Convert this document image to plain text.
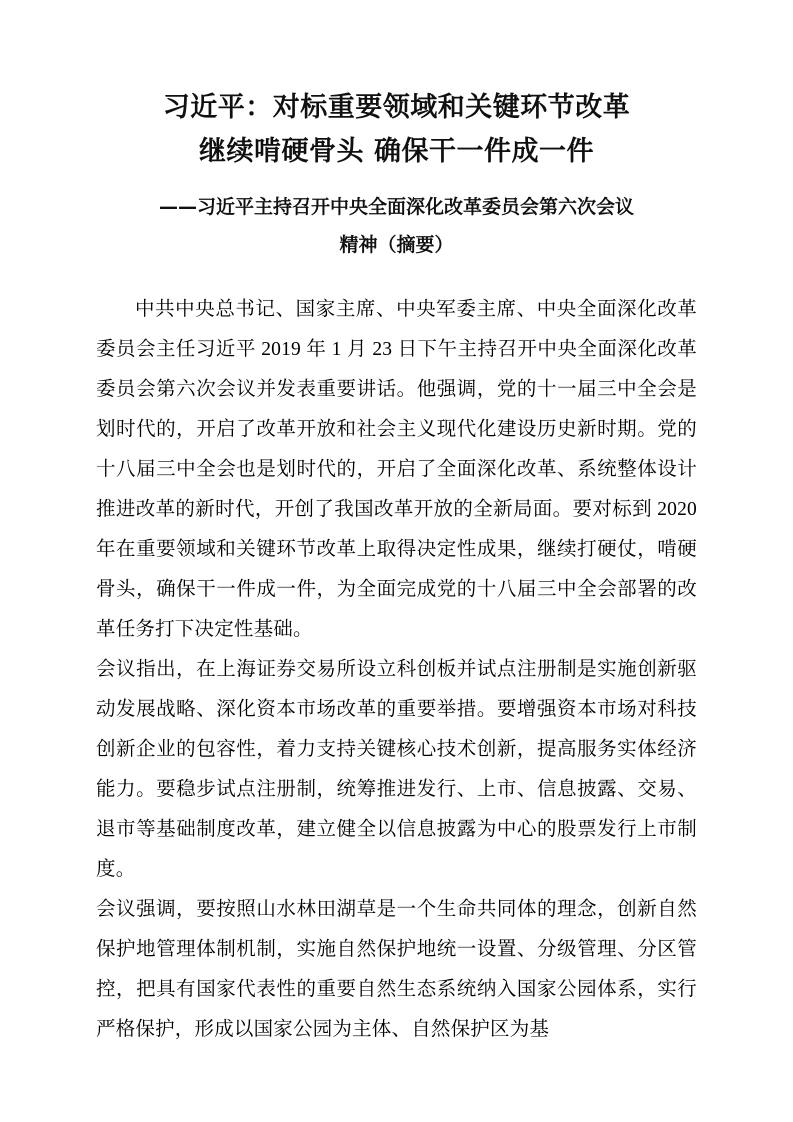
习近平：对标重要领域和关键环节改革
继续啃硬骨头 确保干一件成一件
——习近平主持召开中央全面深化改革委员会第六次会议
精神（摘要）

中共中央总书记、国家主席、中央军委主席、中央全面深化改革委员会主任习近平 2019 年 1 月 23 日下午主持召开中央全面深化改革委员会第六次会议并发表重要讲话。他强调，党的十一届三中全会是划时代的，开启了改革开放和社会主义现代化建设历史新时期。党的十八届三中全会也是划时代的，开启了全面深化改革、系统整体设计推进改革的新时代，开创了我国改革开放的全新局面。要对标到 2020 年在重要领域和关键环节改革上取得决定性成果，继续打硬仗，啃硬骨头，确保干一件成一件，为全面完成党的十八届三中全会部署的改革任务打下决定性基础。

会议指出，在上海证券交易所设立科创板并试点注册制是实施创新驱动发展战略、深化资本市场改革的重要举措。要增强资本市场对科技创新企业的包容性，着力支持关键核心技术创新，提高服务实体经济能力。要稳步试点注册制，统筹推进发行、上市、信息披露、交易、退市等基础制度改革，建立健全以信息披露为中心的股票发行上市制度。

会议强调，要按照山水林田湖草是一个生命共同体的理念，创新自然保护地管理体制机制，实施自然保护地统一设置、分级管理、分区管控，把具有国家代表性的重要自然生态系统纳入国家公园体系，实行严格保护，形成以国家公园为主体、自然保护区为基
